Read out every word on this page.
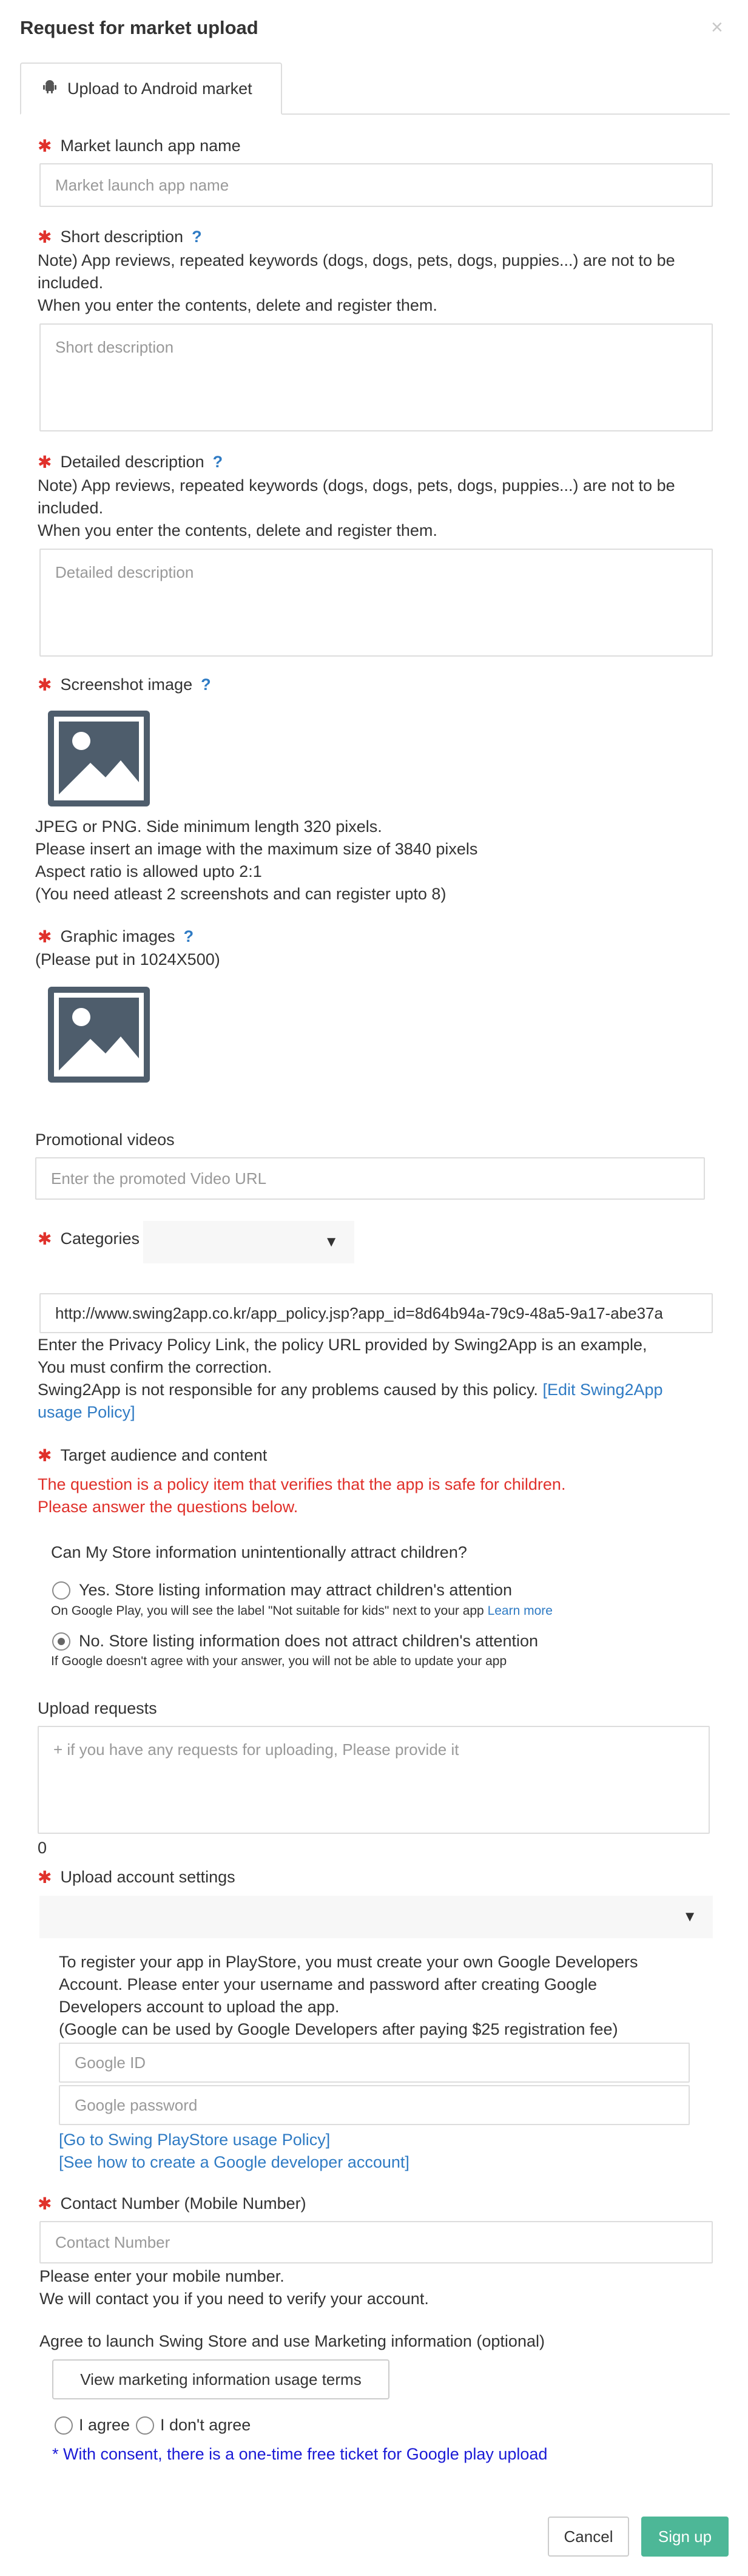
Request for market upload	×
Upload to Android market
✱ Market launch app name
Market launch app name
✱ Short description ?
Note) App reviews, repeated keywords (dogs, dogs, pets, dogs, puppies...) are not to be
included.
When you enter the contents, delete and register them.
Short description
✱ Detailed description ?
Note) App reviews, repeated keywords (dogs, dogs, pets, dogs, puppies...) are not to be
included.
When you enter the contents, delete and register them.
Detailed description
✱ Screenshot image ?
JPEG or PNG. Side minimum length 320 pixels.
Please insert an image with the maximum size of 3840 pixels
Aspect ratio is allowed upto 2:1
(You need atleast 2 screenshots and can register upto 8)
✱ Graphic images ?
(Please put in 1024X500)
Promotional videos
Enter the promoted Video URL
✱ Categories	▼
http://www.swing2app.co.kr/app_policy.jsp?app_id=8d64b94a-79c9-48a5-9a17-abe37a
Enter the Privacy Policy Link, the policy URL provided by Swing2App is an example,
You must confirm the correction.
Swing2App is not responsible for any problems caused by this policy. [Edit Swing2App
usage Policy]
✱ Target audience and content
The question is a policy item that verifies that the app is safe for children.
Please answer the questions below.
Can My Store information unintentionally attract children?
Yes. Store listing information may attract children's attention
On Google Play, you will see the label "Not suitable for kids" next to your app Learn more
No. Store listing information does not attract children's attention
If Google doesn't agree with your answer, you will not be able to update your app
Upload requests
+ if you have any requests for uploading, Please provide it
0
✱ Upload account settings
▼
To register your app in PlayStore, you must create your own Google Developers
Account. Please enter your username and password after creating Google
Developers account to upload the app.
(Google can be used by Google Developers after paying $25 registration fee)
Google ID
Google password
[Go to Swing PlayStore usage Policy]
[See how to create a Google developer account]
✱ Contact Number (Mobile Number)
Contact Number
Please enter your mobile number.
We will contact you if you need to verify your account.
Agree to launch Swing Store and use Marketing information (optional)
View marketing information usage terms
I agree I don't agree
* With consent, there is a one-time free ticket for Google play upload
Cancel	Sign up
